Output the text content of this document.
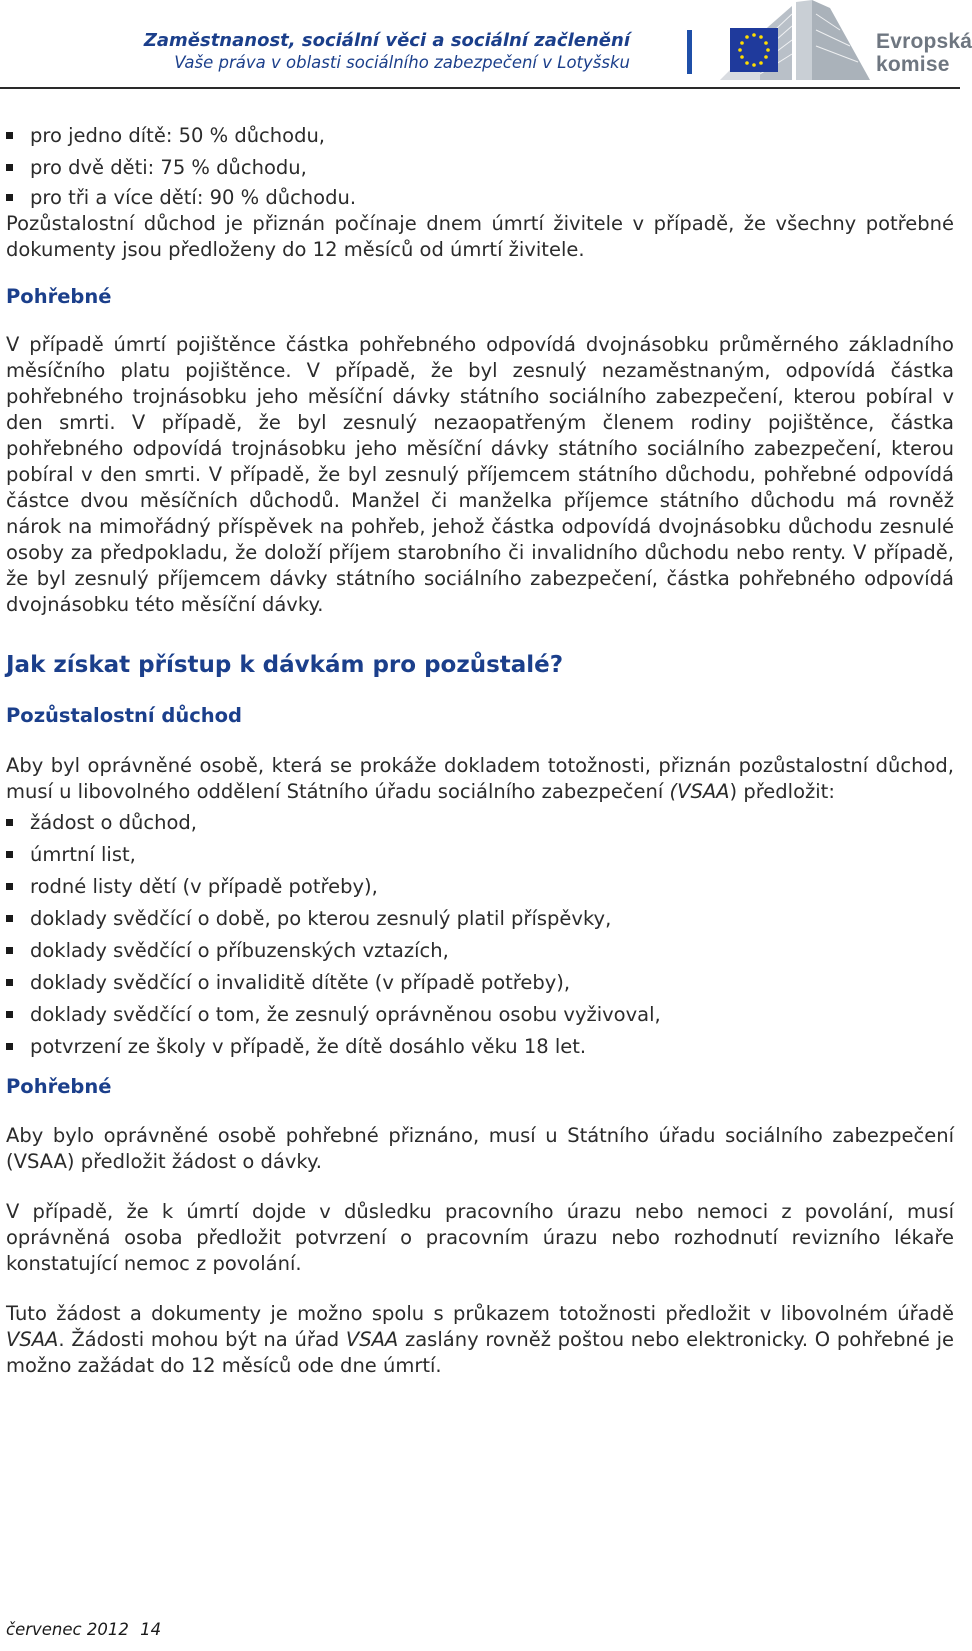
Zaměstnanost, sociální věci a sociální začlenění
Vaše práva v oblasti sociálního zabezpečení v Lotyšsku
Evropská
komise
pro jedno dítě: 50 % důchodu,
pro dvě děti: 75 % důchodu,
pro tři a více dětí: 90 % důchodu.

Pozůstalostní důchod je přiznán počínaje dnem úmrtí živitele v případě, že všechny potřebné dokumenty jsou předloženy do 12 měsíců od úmrtí živitele.

Pohřebné

V případě úmrtí pojištěnce částka pohřebného odpovídá dvojnásobku průměrného základního měsíčního platu pojištěnce. V případě, že byl zesnulý nezaměstnaným, odpovídá částka pohřebného trojnásobku jeho měsíční dávky státního sociálního zabezpečení, kterou pobíral v den smrti. V případě, že byl zesnulý nezaopatřeným členem rodiny pojištěnce, částka pohřebného odpovídá trojnásobku jeho měsíční dávky státního sociálního zabezpečení, kterou pobíral v den smrti. V případě, že byl zesnulý příjemcem státního důchodu, pohřebné odpovídá částce dvou měsíčních důchodů. Manžel či manželka příjemce státního důchodu má rovněž nárok na mimořádný příspěvek na pohřeb, jehož částka odpovídá dvojnásobku důchodu zesnulé osoby za předpokladu, že doloží příjem starobního či invalidního důchodu nebo renty. V případě, že byl zesnulý příjemcem dávky státního sociálního zabezpečení, částka pohřebného odpovídá dvojnásobku této měsíční dávky.

Jak získat přístup k dávkám pro pozůstalé?
Pozůstalostní důchod

Aby byl oprávněné osobě, která se prokáže dokladem totožnosti, přiznán pozůstalostní důchod, musí u libovolného oddělení Státního úřadu sociálního zabezpečení (VSAA) předložit:

žádost o důchod,
úmrtní list,
rodné listy dětí (v případě potřeby),
doklady svědčící o době, po kterou zesnulý platil příspěvky,
doklady svědčící o příbuzenských vztazích,
doklady svědčící o invaliditě dítěte (v případě potřeby),
doklady svědčící o tom, že zesnulý oprávněnou osobu vyživoval,
potvrzení ze školy v případě, že dítě dosáhlo věku 18 let.
Pohřebné

Aby bylo oprávněné osobě pohřebné přiznáno, musí u Státního úřadu sociálního zabezpečení (VSAA) předložit žádost o dávky.

V případě, že k úmrtí dojde v důsledku pracovního úrazu nebo nemoci z povolání, musí oprávněná osoba předložit potvrzení o pracovním úrazu nebo rozhodnutí revizního lékaře konstatující nemoc z povolání.

Tuto žádost a dokumenty je možno spolu s průkazem totožnosti předložit v libovolném úřadě VSAA. Žádosti mohou být na úřad VSAA zaslány rovněž poštou nebo elektronicky. O pohřebné je možno zažádat do 12 měsíců ode dne úmrtí.

červenec 2012 14
